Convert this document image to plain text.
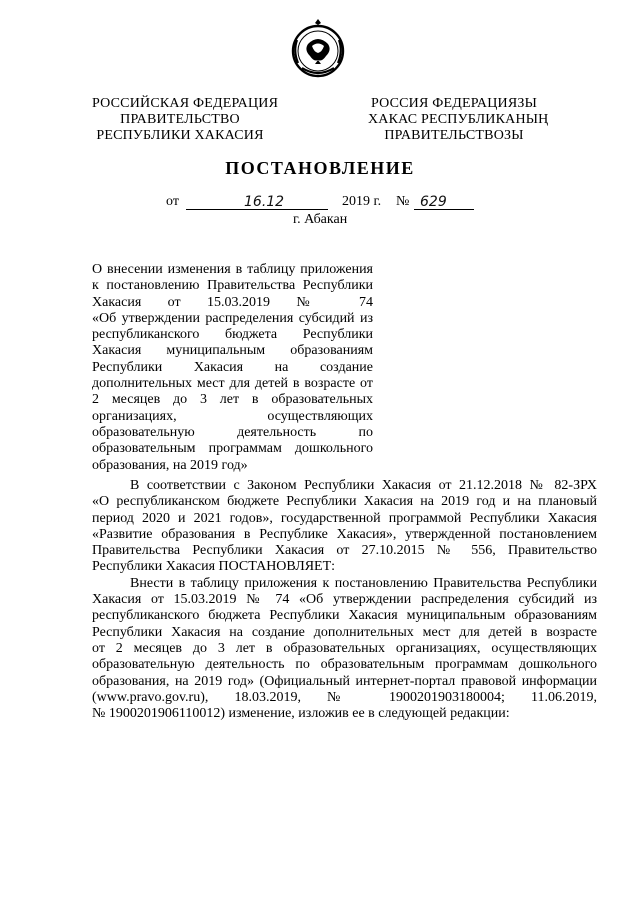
РОССИЙСКАЯ ФЕДЕРАЦИЯ
ПРАВИТЕЛЬСТВО
РЕСПУБЛИКИ ХАКАСИЯ
РОССИЯ ФЕДЕРАЦИЯЗЫ
ХАКАС РЕСПУБЛИКАНЫҢ
ПРАВИТЕЛЬСТВОЗЫ
ПОСТАНОВЛЕНИЕ
от	16.12	2019 г. № 629
г. Абакан
О внесении изменения в таблицу приложения
к постановлению Правительства Республики
Хакасия от 15.03.2019 № 74
«Об утверждении распределения субсидий из
республиканского бюджета Республики
Хакасия муниципальным образованиям
Республики Хакасия на создание
дополнительных мест для детей в возрасте от
2 месяцев до 3 лет в образовательных
организациях, осуществляющих
образовательную деятельность по
образовательным программам дошкольного
образования, на 2019 год»
В соответствии с Законом Республики Хакасия от 21.12.2018 № 82-ЗРХ
«О республиканском бюджете Республики Хакасия на 2019 год и на плановый
период 2020 и 2021 годов», государственной программой Республики Хакасия
«Развитие образования в Республике Хакасия», утвержденной постановлением
Правительства Республики Хакасия от 27.10.2015 № 556, Правительство
Республики Хакасия ПОСТАНОВЛЯЕТ:
Внести в таблицу приложения к постановлению Правительства Республики
Хакасия от 15.03.2019 № 74 «Об утверждении распределения субсидий из
республиканского бюджета Республики Хакасия муниципальным образованиям
Республики Хакасия на создание дополнительных мест для детей в возрасте
от 2 месяцев до 3 лет в образовательных организациях, осуществляющих
образовательную деятельность по образовательным программам дошкольного
образования, на 2019 год» (Официальный интернет-портал правовой информации
(www.pravo.gov.ru), 18.03.2019, № 1900201903180004; 11.06.2019,
№ 1900201906110012) изменение, изложив ее в следующей редакции:
